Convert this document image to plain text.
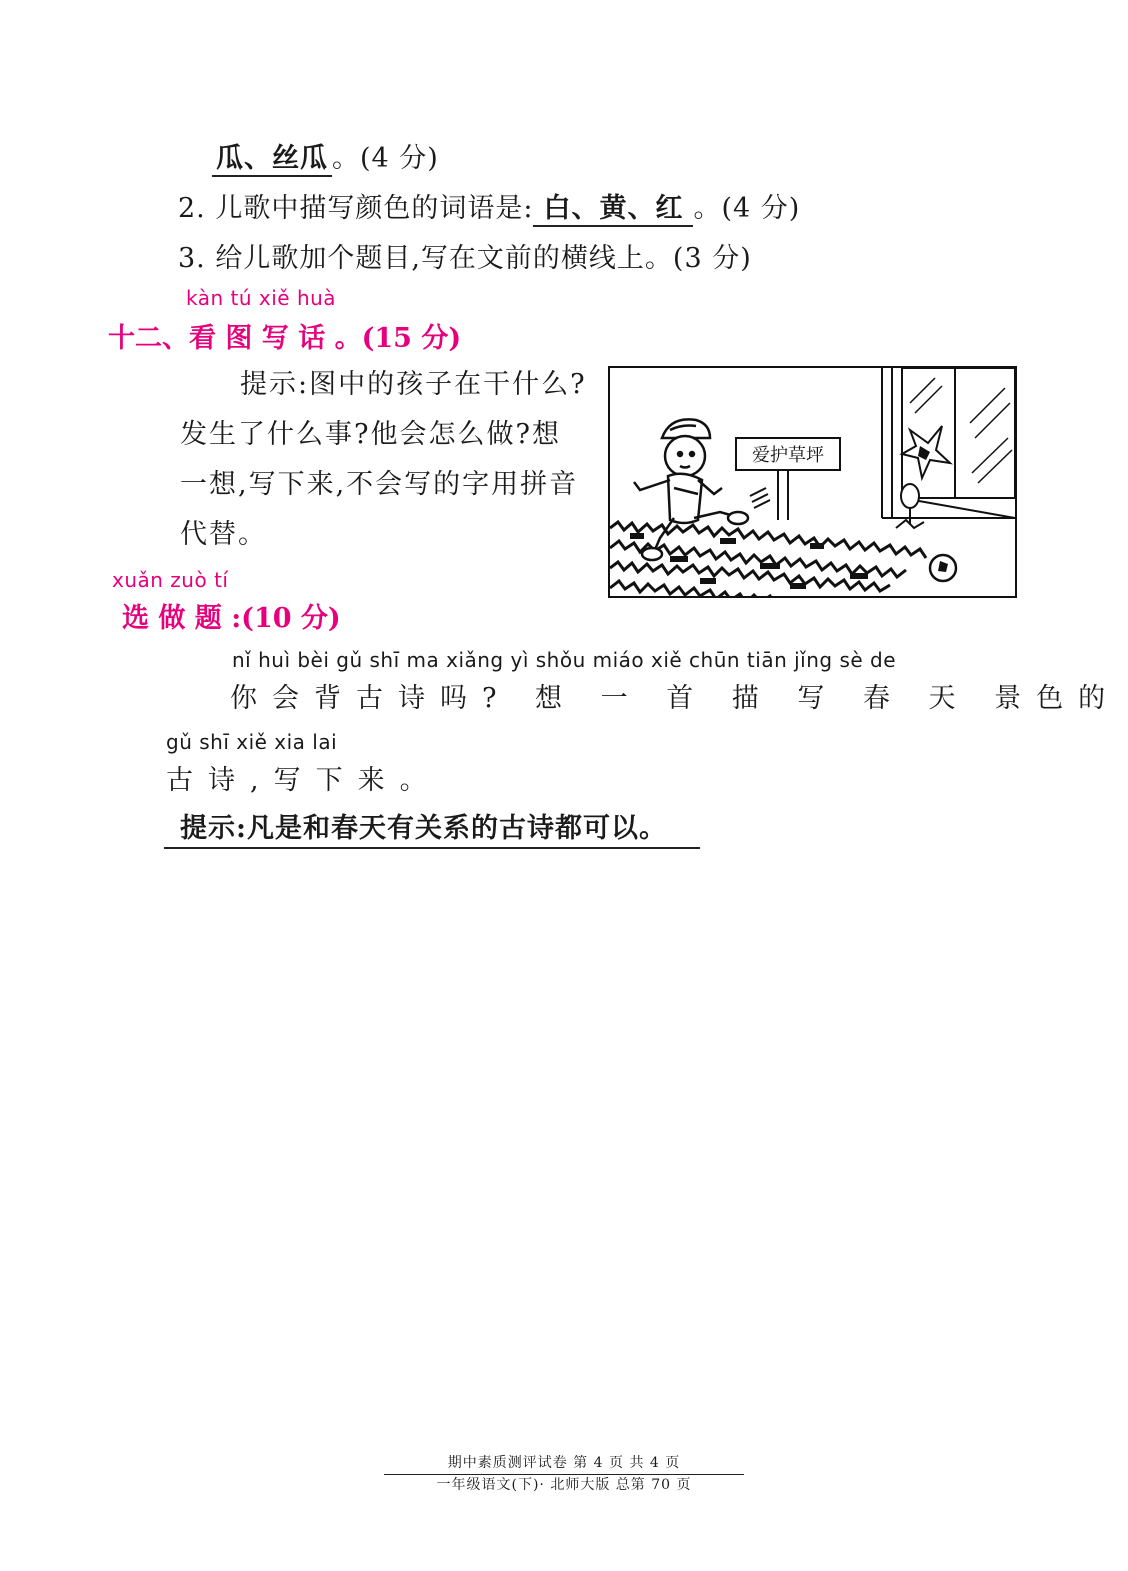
瓜、丝瓜 。(4 分)
2. 儿歌中描写颜色的词语是: 白、黄、红 。(4 分)
3. 给儿歌加个题目,写在文前的横线上。(3 分)
kàn tú xiě huà
十二、看 图 写 话 。(15 分)
提示:图中的孩子在干什么?
发生了什么事?他会怎么做?想
一想,写下来,不会写的字用拼音
代替。
爱护草坪
xuǎn zuò tí
选 做 题 :(10 分)
nǐ huì bèi gǔ shī ma xiǎng yì shǒu miáo xiě chūn tiān jǐng sè de
你会背古诗吗? 想 一 首 描 写 春 天 景色的
gǔ shī xiě xia lai
古诗,写下来。
提示:凡是和春天有关系的古诗都可以。
期中素质测评试卷 第 4 页 共 4 页
一年级语文(下)· 北师大版 总第 70 页
